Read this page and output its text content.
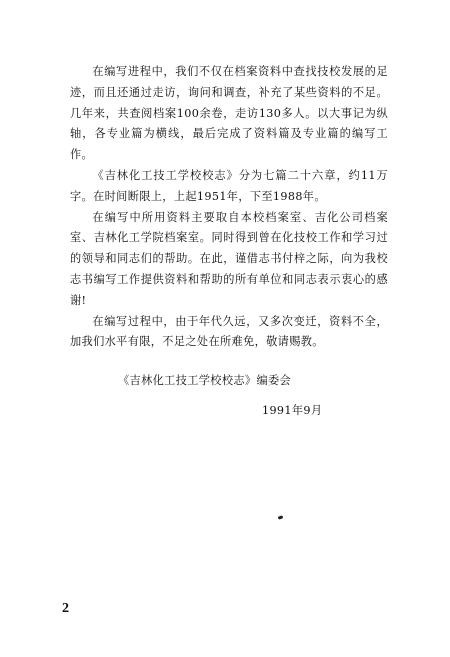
在编写进程中，我们不仅在档案资料中查找技校发展的足迹，而且还通过走访，询问和调查，补充了某些资料的不足。几年来，共查阅档案100余卷，走访130多人。以大事记为纵轴，各专业篇为横线，最后完成了资料篇及专业篇的编写工作。

《吉林化工技工学校校志》分为七篇二十六章，约11万字。在时间断限上，上起1951年，下至1988年。

在编写中所用资料主要取自本校档案室、吉化公司档案室、吉林化工学院档案室。同时得到曾在化技校工作和学习过的领导和同志们的帮助。在此，谨借志书付梓之际，向为我校志书编写工作提供资料和帮助的所有单位和同志表示衷心的感谢!

在编写过程中，由于年代久远，又多次变迁，资料不全，加我们水平有限，不足之处在所难免，敬请赐教。

《吉林化工技工学校校志》编委会
1991年9月
2
